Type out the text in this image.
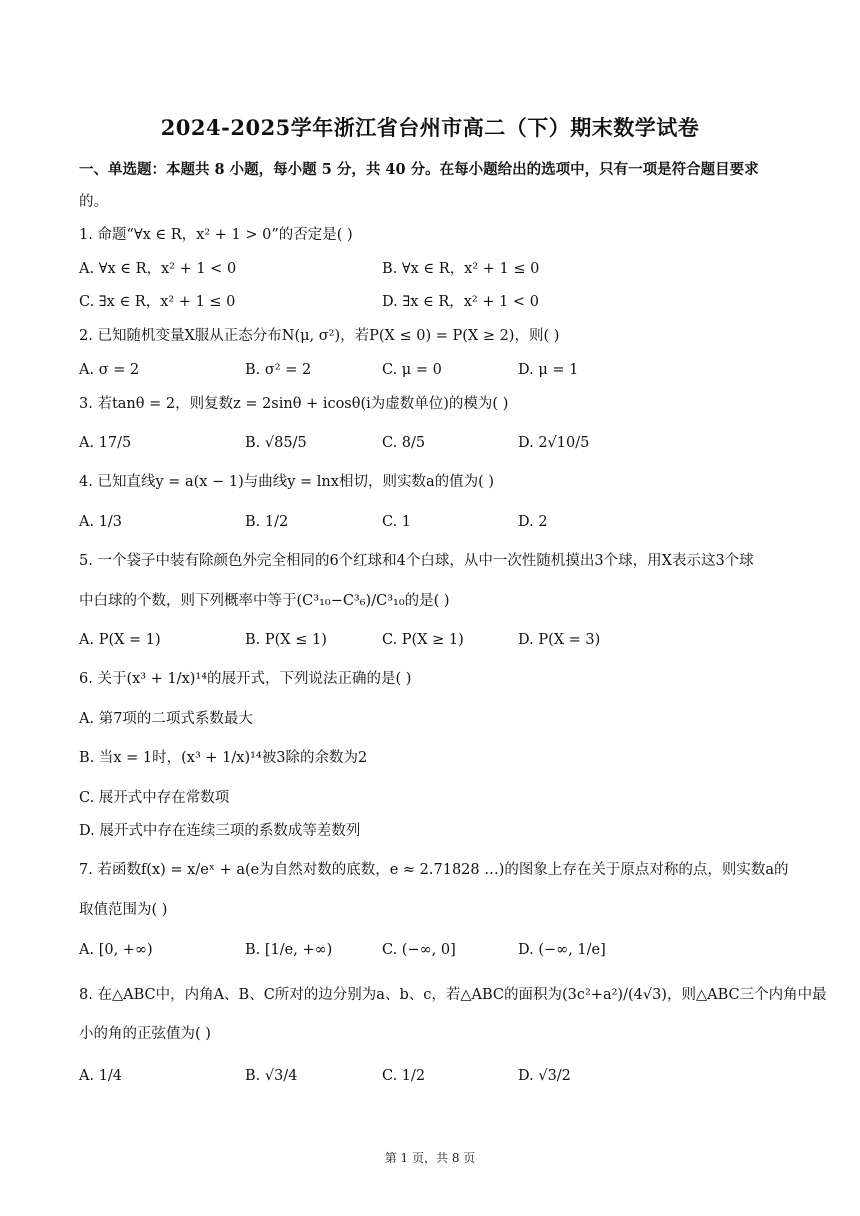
2024-2025学年浙江省台州市高二（下）期末数学试卷
一、单选题：本题共 8 小题，每小题 5 分，共 40 分。在每小题给出的选项中，只有一项是符合题目要求
的。
1. 命题“∀x ∈ R，x² + 1 > 0”的否定是( )
A. ∀x ∈ R，x² + 1 < 0	B. ∀x ∈ R，x² + 1 ≤ 0
C. ∃x ∈ R，x² + 1 ≤ 0	D. ∃x ∈ R，x² + 1 < 0
2. 已知随机变量X服从正态分布N(μ, σ²)，若P(X ≤ 0) = P(X ≥ 2)，则( )
A. σ = 2	B. σ² = 2	C. μ = 0	D. μ = 1
3. 若tanθ = 2，则复数z = 2sinθ + icosθ(i为虚数单位)的模为( )
A. 17/5	B. √85/5	C. 8/5	D. 2√10/5
4. 已知直线y = a(x − 1)与曲线y = lnx相切，则实数a的值为( )
A. 1/3	B. 1/2	C. 1	D. 2
5. 一个袋子中装有除颜色外完全相同的6个红球和4个白球，从中一次性随机摸出3个球，用X表示这3个球
中白球的个数，则下列概率中等于(C³₁₀−C³₆)/C³₁₀的是( )
A. P(X = 1)	B. P(X ≤ 1)	C. P(X ≥ 1)	D. P(X = 3)
6. 关于(x³ + 1/x)¹⁴的展开式，下列说法正确的是( )
A. 第7项的二项式系数最大
B. 当x = 1时，(x³ + 1/x)¹⁴被3除的余数为2
C. 展开式中存在常数项
D. 展开式中存在连续三项的系数成等差数列
7. 若函数f(x) = x/eˣ + a(e为自然对数的底数，e ≈ 2.71828 …)的图象上存在关于原点对称的点，则实数a的
取值范围为( )
A. [0, +∞)	B. [1/e, +∞)	C. (−∞, 0]	D. (−∞, 1/e]
8. 在△ABC中，内角A、B、C所对的边分别为a、b、c，若△ABC的面积为(3c²+a²)/(4√3)，则△ABC三个内角中最
小的角的正弦值为( )
A. 1/4	B. √3/4	C. 1/2	D. √3/2
第 1 页，共 8 页
